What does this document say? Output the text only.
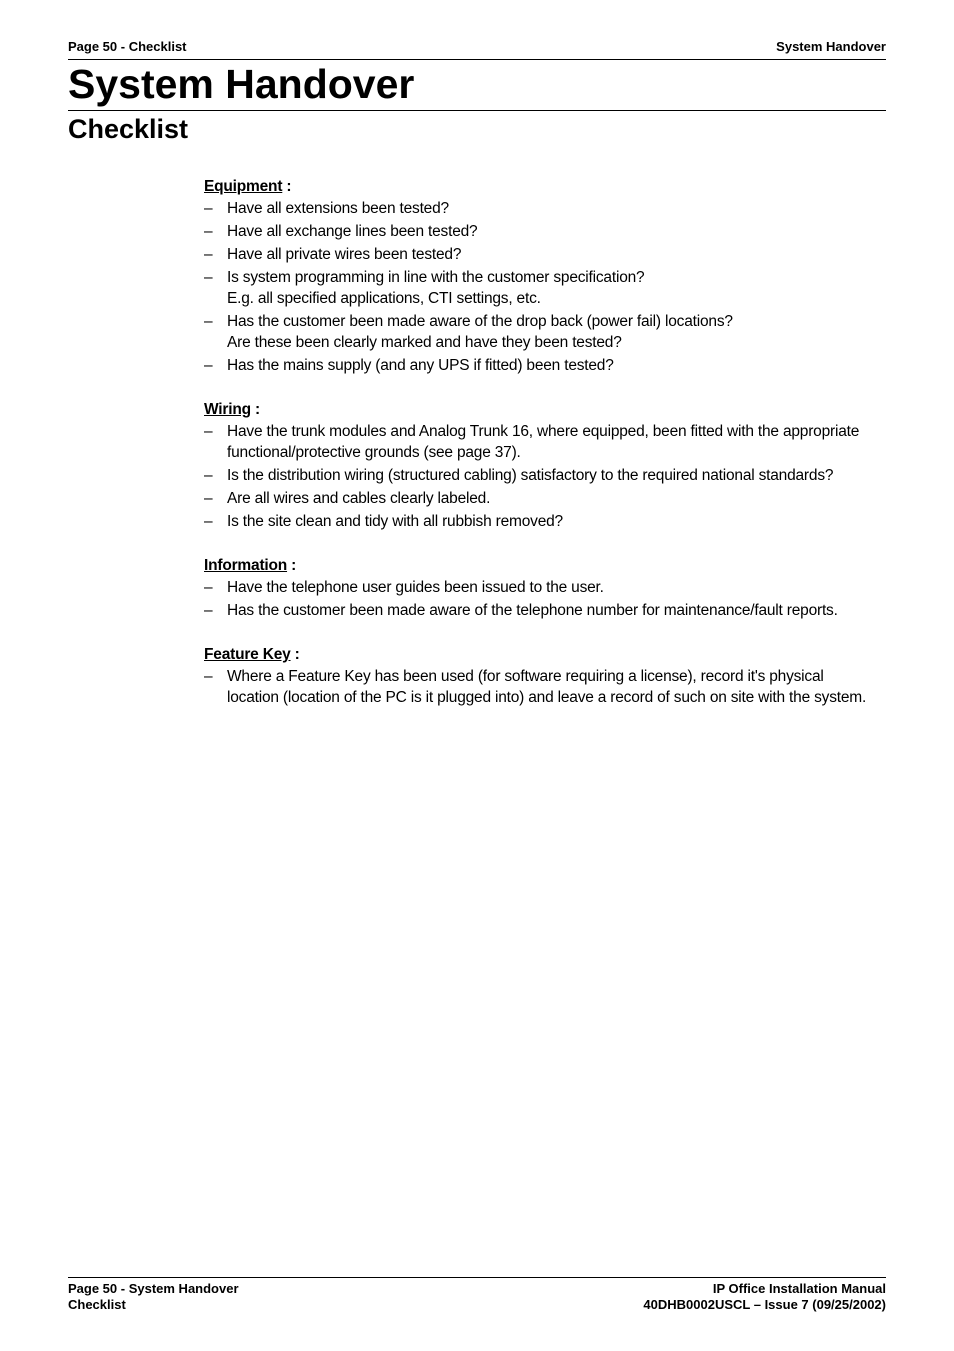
Page 50 - Checklist	System Handover
System Handover
Checklist
Equipment :
– Have all extensions been tested?
– Have all exchange lines been tested?
– Have all private wires been tested?
– Is system programming in line with the customer specification?
E.g. all specified applications, CTI settings, etc.
– Has the customer been made aware of the drop back (power fail) locations?
Are these been clearly marked and have they been tested?
– Has the mains supply (and any UPS if fitted) been tested?
Wiring :
– Have the trunk modules and Analog Trunk 16, where equipped, been fitted with the appropriate
functional/protective grounds (see page 37).
– Is the distribution wiring (structured cabling) satisfactory to the required national standards?
– Are all wires and cables clearly labeled.
– Is the site clean and tidy with all rubbish removed?
Information :
– Have the telephone user guides been issued to the user.
– Has the customer been made aware of the telephone number for maintenance/fault reports.
Feature Key :
– Where a Feature Key has been used (for software requiring a license), record it's physical
location (location of the PC is it plugged into) and leave a record of such on site with the system.
Page 50 - System Handover
Checklist
IP Office Installation Manual
40DHB0002USCL – Issue 7 (09/25/2002)
